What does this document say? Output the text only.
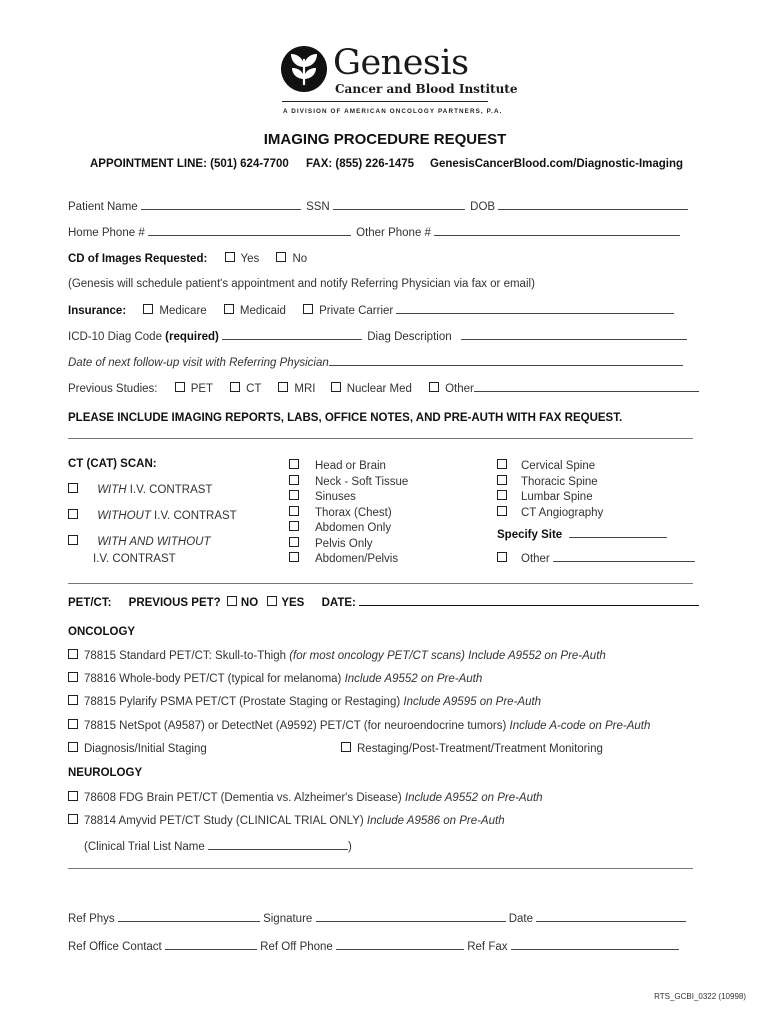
Genesis
Cancer and Blood Institute
A DIVISION OF AMERICAN ONCOLOGY PARTNERS, P.A.
IMAGING PROCEDURE REQUEST
APPOINTMENT LINE: (501) 624-7700 FAX: (855) 226-1475 GenesisCancerBlood.com/Diagnostic-Imaging
Patient Name	SSN	DOB
Home Phone #	Other Phone #
CD of Images Requested:	Yes	No
(Genesis will schedule patient's appointment and notify Referring Physician via fax or email)
Insurance:	Medicare	Medicaid	Private Carrier
ICD-10 Diag Code (required)	Diag Description
Date of next follow-up visit with Referring Physician
Previous Studies:	PET	CT	MRI	Nuclear Med	Other
PLEASE INCLUDE IMAGING REPORTS, LABS, OFFICE NOTES, AND PRE-AUTH WITH FAX REQUEST.
CT (CAT) SCAN:
WITH I.V. CONTRAST
WITHOUT I.V. CONTRAST
WITH AND WITHOUT
I.V. CONTRAST
Head or Brain
Neck - Soft Tissue
Sinuses
Thorax (Chest)
Abdomen Only
Pelvis Only
Abdomen/Pelvis
Cervical Spine
Thoracic Spine
Lumbar Spine
CT Angiography
Specify Site
Other
PET/CT: PREVIOUS PET? NO YES DATE:
ONCOLOGY
78815 Standard PET/CT: Skull-to-Thigh (for most oncology PET/CT scans) Include A9552 on Pre-Auth
78816 Whole-body PET/CT (typical for melanoma) Include A9552 on Pre-Auth
78815 Pylarify PSMA PET/CT (Prostate Staging or Restaging) Include A9595 on Pre-Auth
78815 NetSpot (A9587) or DetectNet (A9592) PET/CT (for neuroendocrine tumors) Include A-code on Pre-Auth
Diagnosis/Initial Staging	Restaging/Post-Treatment/Treatment Monitoring
NEUROLOGY
78608 FDG Brain PET/CT (Dementia vs. Alzheimer's Disease) Include A9552 on Pre-Auth
78814 Amyvid PET/CT Study (CLINICAL TRIAL ONLY) Include A9586 on Pre-Auth
(Clinical Trial List Name	)
Ref Phys	Signature	Date
Ref Office Contact	Ref Off Phone	Ref Fax
RTS_GCBI_0322 (10998)
